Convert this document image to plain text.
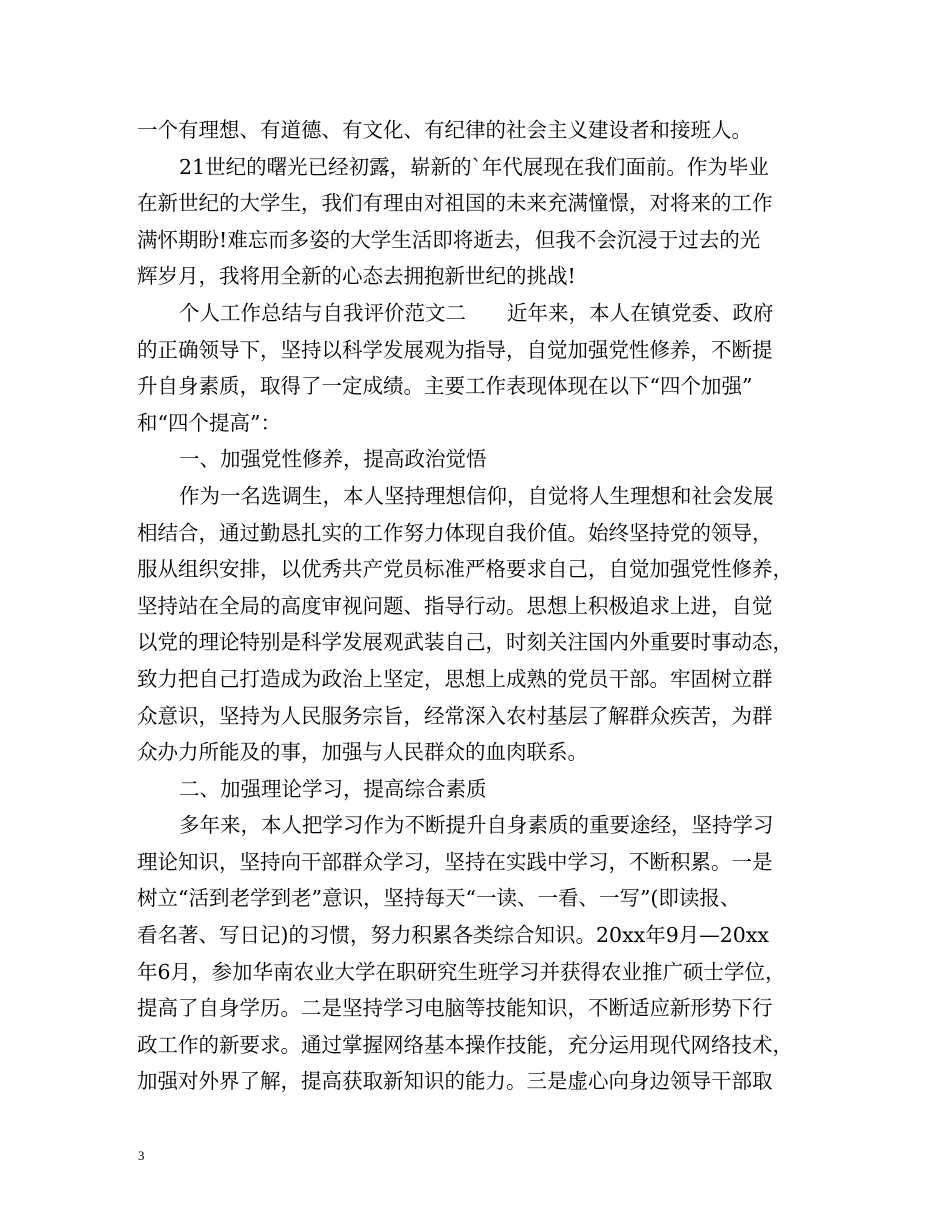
一个有理想、有道德、有文化、有纪律的社会主义建设者和接班人。
21世纪的曙光已经初露，崭新的`年代展现在我们面前。作为毕业
在新世纪的大学生，我们有理由对祖国的未来充满憧憬，对将来的工作
满怀期盼!难忘而多姿的大学生活即将逝去，但我不会沉浸于过去的光
辉岁月，我将用全新的心态去拥抱新世纪的挑战!
个人工作总结与自我评价范文二　　近年来，本人在镇党委、政府
的正确领导下，坚持以科学发展观为指导，自觉加强党性修养，不断提
升自身素质，取得了一定成绩。主要工作表现体现在以下“四个加强”
和“四个提高”：
一、加强党性修养，提高政治觉悟
作为一名选调生，本人坚持理想信仰，自觉将人生理想和社会发展
相结合，通过勤恳扎实的工作努力体现自我价值。始终坚持党的领导，
服从组织安排，以优秀共产党员标准严格要求自己，自觉加强党性修养，
坚持站在全局的高度审视问题、指导行动。思想上积极追求上进，自觉
以党的理论特别是科学发展观武装自己，时刻关注国内外重要时事动态，
致力把自己打造成为政治上坚定，思想上成熟的党员干部。牢固树立群
众意识，坚持为人民服务宗旨，经常深入农村基层了解群众疾苦，为群
众办力所能及的事，加强与人民群众的血肉联系。
二、加强理论学习，提高综合素质
多年来，本人把学习作为不断提升自身素质的重要途经，坚持学习
理论知识，坚持向干部群众学习，坚持在实践中学习，不断积累。一是
树立“活到老学到老”意识，坚持每天“一读、一看、一写”(即读报、
看名著、写日记)的习惯，努力积累各类综合知识。20xx年9月—20xx
年6月，参加华南农业大学在职研究生班学习并获得农业推广硕士学位，
提高了自身学历。二是坚持学习电脑等技能知识，不断适应新形势下行
政工作的新要求。通过掌握网络基本操作技能，充分运用现代网络技术，
加强对外界了解，提高获取新知识的能力。三是虚心向身边领导干部取
3
